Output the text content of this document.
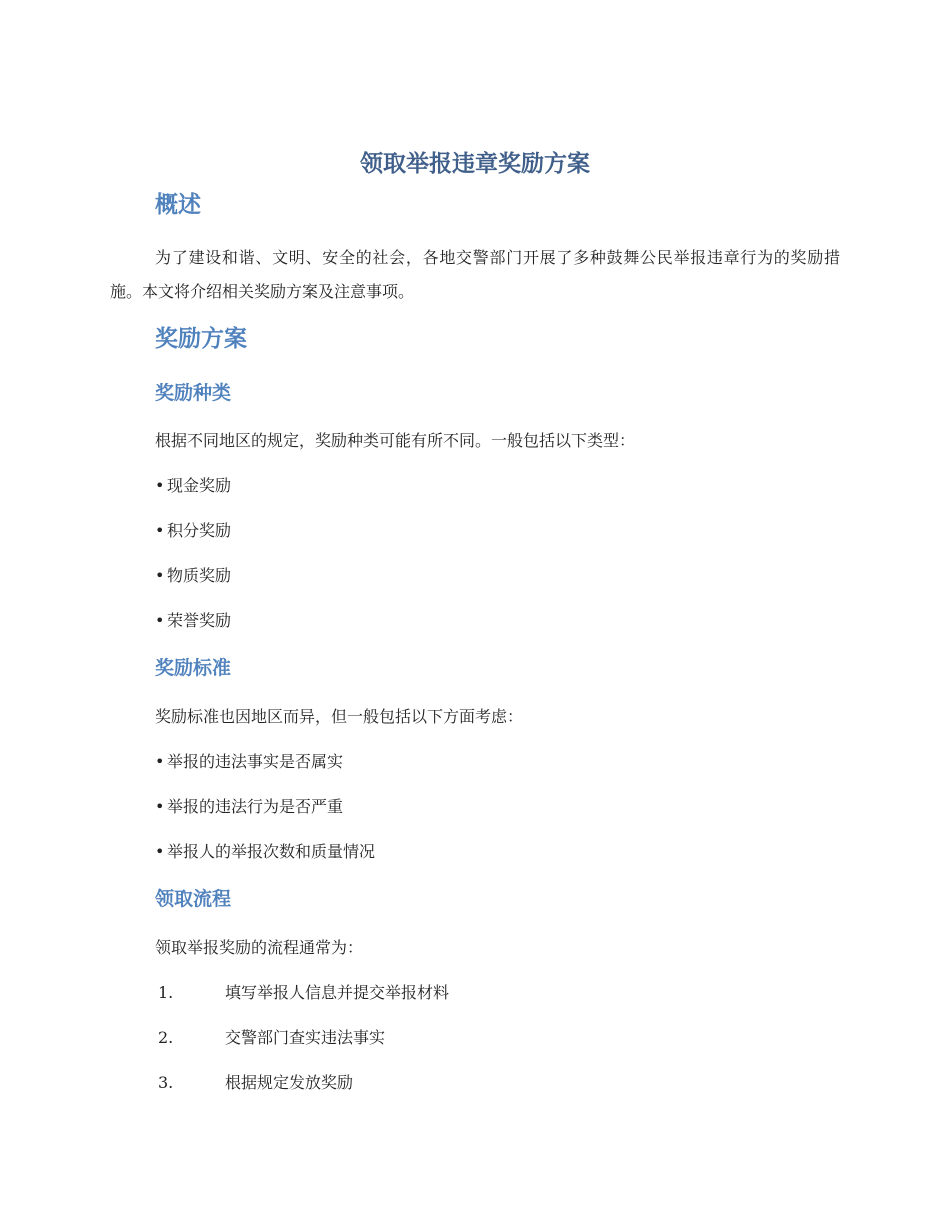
领取举报违章奖励方案
概述

为了建设和谐、文明、安全的社会，各地交警部门开展了多种鼓舞公民举报违章行为的奖励措施。本文将介绍相关奖励方案及注意事项。

奖励方案
奖励种类

根据不同地区的规定，奖励种类可能有所不同。一般包括以下类型：

• 现金奖励

• 积分奖励

• 物质奖励

• 荣誉奖励

奖励标准

奖励标准也因地区而异，但一般包括以下方面考虑：

• 举报的违法事实是否属实

• 举报的违法行为是否严重

• 举报人的举报次数和质量情况

领取流程

领取举报奖励的流程通常为：

1.	填写举报人信息并提交举报材料

2.	交警部门查实违法事实

3.	根据规定发放奖励
